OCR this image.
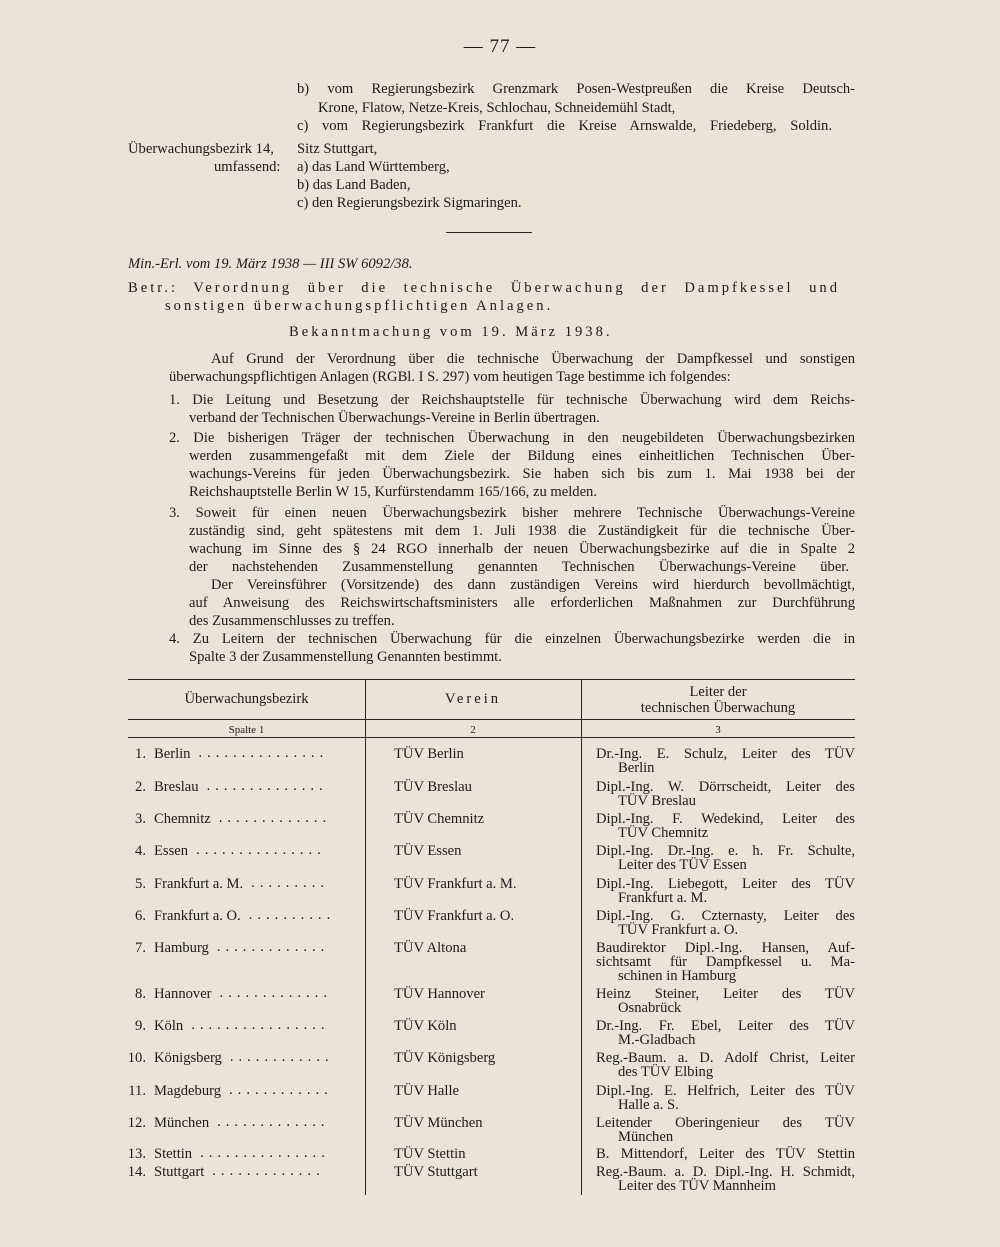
— 77 —
b) vom Regierungsbezirk Grenzmark Posen-Westpreußen die Kreise Deutsch-
Krone, Flatow, Netze-Kreis, Schlochau, Schneidemühl Stadt,
c) vom Regierungsbezirk Frankfurt die Kreise Arnswalde, Friedeberg, Soldin.
Überwachungsbezirk 14, Sitz Stuttgart,
umfassend: a) das Land Württemberg,
b) das Land Baden,
c) den Regierungsbezirk Sigmaringen.
Min.-Erl. vom 19. März 1938 — III SW 6092/38.
Betr.: Verordnung über die technische Überwachung der Dampfkessel und
sonstigen überwachungspflichtigen Anlagen.
Bekanntmachung vom 19. März 1938.
Auf Grund der Verordnung über die technische Überwachung der Dampfkessel und sonstigen
überwachungspflichtigen Anlagen (RGBl. I S. 297) vom heutigen Tage bestimme ich folgendes:
1. Die Leitung und Besetzung der Reichshauptstelle für technische Überwachung wird dem Reichs-
verband der Technischen Überwachungs-Vereine in Berlin übertragen.
2. Die bisherigen Träger der technischen Überwachung in den neugebildeten Überwachungsbezirken
werden zusammengefaßt mit dem Ziele der Bildung eines einheitlichen Technischen Über-
wachungs-Vereins für jeden Überwachungsbezirk. Sie haben sich bis zum 1. Mai 1938 bei der
Reichshauptstelle Berlin W 15, Kurfürstendamm 165/166, zu melden.
3. Soweit für einen neuen Überwachungsbezirk bisher mehrere Technische Überwachungs-Vereine
zuständig sind, geht spätestens mit dem 1. Juli 1938 die Zuständigkeit für die technische Über-
wachung im Sinne des § 24 RGO innerhalb der neuen Überwachungsbezirke auf die in Spalte 2
der nachstehenden Zusammenstellung genannten Technischen Überwachungs-Vereine über.
Der Vereinsführer (Vorsitzende) des dann zuständigen Vereins wird hierdurch bevollmächtigt,
auf Anweisung des Reichswirtschaftsministers alle erforderlichen Maßnahmen zur Durchführung
des Zusammenschlusses zu treffen.
4. Zu Leitern der technischen Überwachung für die einzelnen Überwachungsbezirke werden die in
Spalte 3 der Zusammenstellung Genannten bestimmt.
Überwachungsbezirk	Verein	Leiter der
technischen Überwachung
Spalte 1	2	3
1. Berlin ...............	TÜV Berlin	Dr.-Ing. E. Schulz, Leiter des TÜV
Berlin
2. Breslau ..............	TÜV Breslau	Dipl.-Ing. W. Dörrscheidt, Leiter des
TÜV Breslau
3. Chemnitz .............	TÜV Chemnitz	Dipl.-Ing. F. Wedekind, Leiter des
TÜV Chemnitz
4. Essen ...............	TÜV Essen	Dipl.-Ing. Dr.-Ing. e. h. Fr. Schulte,
Leiter des TÜV Essen
5. Frankfurt a. M. .........	TÜV Frankfurt a. M.	Dipl.-Ing. Liebegott, Leiter des TÜV
Frankfurt a. M.
6. Frankfurt a. O. ..........	TÜV Frankfurt a. O.	Dipl.-Ing. G. Czternasty, Leiter des
TÜV Frankfurt a. O.
7. Hamburg .............	TÜV Altona	Baudirektor Dipl.-Ing. Hansen, Auf-
sichtsamt für Dampfkessel u. Ma-
schinen in Hamburg
8. Hannover .............	TÜV Hannover	Heinz Steiner, Leiter des TÜV
Osnabrück
9. Köln ................	TÜV Köln	Dr.-Ing. Fr. Ebel, Leiter des TÜV
M.-Gladbach
10. Königsberg ............	TÜV Königsberg	Reg.-Baum. a. D. Adolf Christ, Leiter
des TÜV Elbing
11. Magdeburg ............	TÜV Halle	Dipl.-Ing. E. Helfrich, Leiter des TÜV
Halle a. S.
12. München .............	TÜV München	Leitender Oberingenieur des TÜV
München
13. Stettin ...............	TÜV Stettin	B. Mittendorf, Leiter des TÜV Stettin
14. Stuttgart .............	TÜV Stuttgart	Reg.-Baum. a. D. Dipl.-Ing. H. Schmidt,
Leiter des TÜV Mannheim
